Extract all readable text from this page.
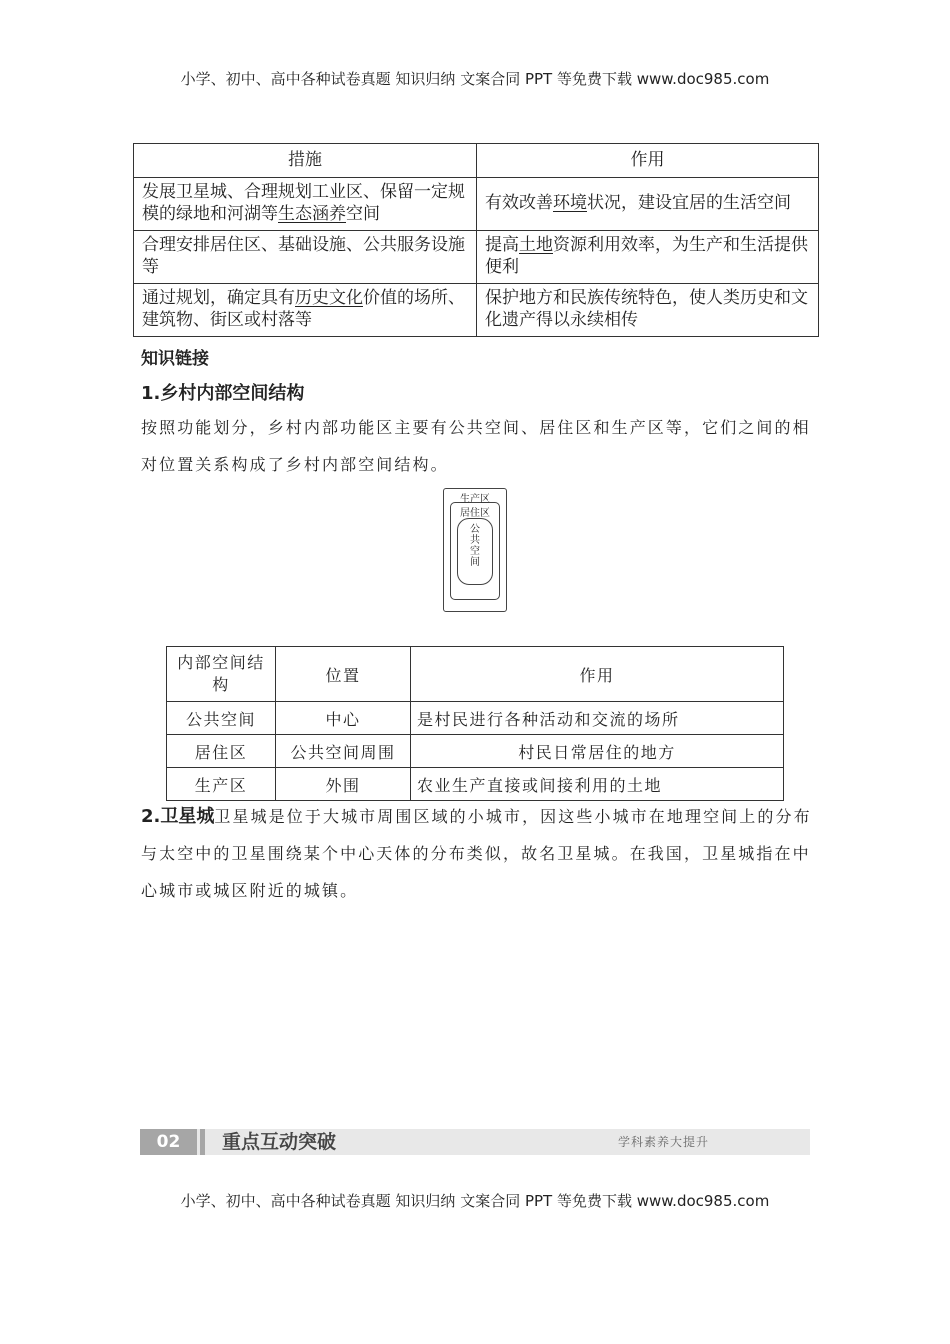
小学、初中、高中各种试卷真题 知识归纳 文案合同 PPT 等免费下载 www.doc985.com
措施	作用
发展卫星城、合理规划工业区、保留一定规模的绿地和河湖等生态涵养空间	有效改善环境状况，建设宜居的生活空间
合理安排居住区、基础设施、公共服务设施等	提高土地资源利用效率，为生产和生活提供便利
通过规划，确定具有历史文化价值的场所、建筑物、街区或村落等	保护地方和民族传统特色，使人类历史和文化遗产得以永续相传
知识链接
1.乡村内部空间结构
按照功能划分，乡村内部功能区主要有公共空间、居住区和生产区等，它们之间的相对位置关系构成了乡村内部空间结构。
生产区
居住区
公
共
空
间
内部空间结构	位置	作用
公共空间	中心	是村民进行各种活动和交流的场所
居住区	公共空间周围	村民日常居住的地方
生产区	外围	农业生产直接或间接利用的土地
2.卫星城卫星城是位于大城市周围区域的小城市，因这些小城市在地理空间上的分布与太空中的卫星围绕某个中心天体的分布类似，故名卫星城。在我国，卫星城指在中心城市或城区附近的城镇。
02	重点互动突破	学科素养大提升
小学、初中、高中各种试卷真题 知识归纳 文案合同 PPT 等免费下载 www.doc985.com
